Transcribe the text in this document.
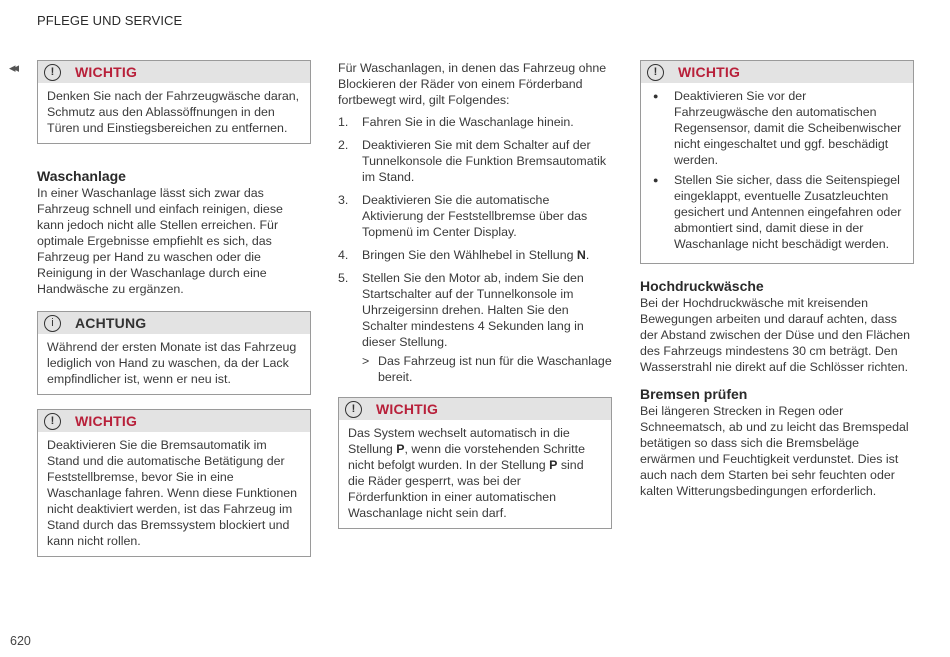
PFLEGE UND SERVICE
◂◂	!	WICHTIG

Denken Sie nach der Fahrzeugwäsche daran, Schmutz aus den Ablassöffnungen in den Türen und Einstiegsbereichen zu entfernen.

Waschanlage

In einer Waschanlage lässt sich zwar das Fahrzeug schnell und einfach reinigen, diese kann jedoch nicht alle Stellen erreichen. Für optimale Ergebnisse empfiehlt es sich, das Fahrzeug per Hand zu waschen oder die Reinigung in der Waschanlage durch eine Handwäsche zu ergänzen.

i	ACHTUNG

Während der ersten Monate ist das Fahrzeug lediglich von Hand zu waschen, da der Lack empfindlicher ist, wenn er neu ist.

!	WICHTIG

Deaktivieren Sie die Bremsautomatik im Stand und die automatische Betätigung der Feststellbremse, bevor Sie in eine Waschanlage fahren. Wenn diese Funktionen nicht deaktiviert werden, ist das Fahrzeug im Stand durch das Bremssystem blockiert und kann nicht rollen.

Für Waschanlagen, in denen das Fahrzeug ohne Blockieren der Räder von einem Förderband fortbewegt wird, gilt Folgendes:

1. Fahren Sie in die Waschanlage hinein.
2. Deaktivieren Sie mit dem Schalter auf der Tunnelkonsole die Funktion Bremsautomatik im Stand.
3. Deaktivieren Sie die automatische Aktivierung der Feststellbremse über das Topmenü im Center Display.
4. Bringen Sie den Wählhebel in Stellung N.
5. Stellen Sie den Motor ab, indem Sie den Startschalter auf der Tunnelkonsole im Uhrzeigersinn drehen. Halten Sie den Schalter mindestens 4 Sekunden lang in dieser Stellung.
> Das Fahrzeug ist nun für die Waschanlage bereit.
!	WICHTIG

Das System wechselt automatisch in die Stellung P, wenn die vorstehenden Schritte nicht befolgt wurden. In der Stellung P sind die Räder gesperrt, was bei der Förderfunktion in einer automatischen Waschanlage nicht sein darf.

!	WICHTIG
● Deaktivieren Sie vor der Fahrzeugwäsche den automatischen Regensensor, damit die Scheibenwischer nicht eingeschaltet und ggf. beschädigt werden.
● Stellen Sie sicher, dass die Seitenspiegel eingeklappt, eventuelle Zusatzleuchten gesichert und Antennen eingefahren oder abmontiert sind, damit diese in der Waschanlage nicht beschädigt werden.
Hochdruckwäsche

Bei der Hochdruckwäsche mit kreisenden Bewegungen arbeiten und darauf achten, dass der Abstand zwischen der Düse und den Flächen des Fahrzeugs mindestens 30 cm beträgt. Den Wasserstrahl nie direkt auf die Schlösser richten.

Bremsen prüfen

Bei längeren Strecken in Regen oder Schneematsch, ab und zu leicht das Bremspedal betätigen so dass sich die Bremsbeläge erwärmen und Feuchtigkeit verdunstet. Dies ist auch nach dem Starten bei sehr feuchten oder kalten Witterungsbedingungen erforderlich.

620
